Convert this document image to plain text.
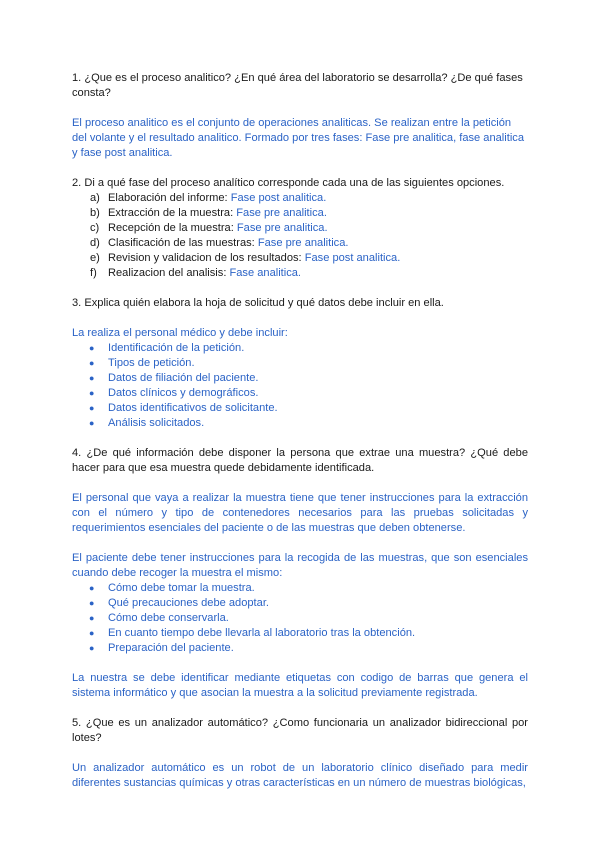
1. ¿Que es el proceso analitico? ¿En qué área del laboratorio se desarrolla? ¿De qué fases consta?

El proceso analitico es el conjunto de operaciones analiticas. Se realizan entre la petición del volante y el resultado analitico. Formado por tres fases: Fase pre analitica, fase analitica y fase post analitica.

2. Di a qué fase del proceso analítico corresponde cada una de las siguientes opciones.

a) Elaboración del informe: Fase post analitica.
b) Extracción de la muestra: Fase pre analitica.
c) Recepción de la muestra: Fase pre analitica.
d) Clasificación de las muestras: Fase pre analitica.
e) Revision y validacion de los resultados: Fase post analitica.
f) Realizacion del analisis: Fase analitica.

3. Explica quién elabora la hoja de solicitud y qué datos debe incluir en ella.

La realiza el personal médico y debe incluir:

● Identificación de la petición.
● Tipos de petición.
● Datos de filiación del paciente.
● Datos clínicos y demográficos.
● Datos identificativos de solicitante.
● Análisis solicitados.

4. ¿De qué información debe disponer la persona que extrae una muestra? ¿Qué debe hacer para que esa muestra quede debidamente identificada.

El personal que vaya a realizar la muestra tiene que tener instrucciones para la extracción con el número y tipo de contenedores necesarios para las pruebas solicitadas y requerimientos esenciales del paciente o de las muestras que deben obtenerse.

El paciente debe tener instrucciones para la recogida de las muestras, que son esenciales cuando debe recoger la muestra el mismo:

● Cómo debe tomar la muestra.
● Qué precauciones debe adoptar.
● Cómo debe conservarla.
● En cuanto tiempo debe llevarla al laboratorio tras la obtención.
● Preparación del paciente.

La nuestra se debe identificar mediante etiquetas con codigo de barras que genera el sistema informático y que asocian la muestra a la solicitud previamente registrada.

5. ¿Que es un analizador automático? ¿Como funcionaria un analizador bidireccional por lotes?

Un analizador automático es un robot de un laboratorio clínico diseñado para medir diferentes sustancias químicas y otras características en un número de muestras biológicas,
